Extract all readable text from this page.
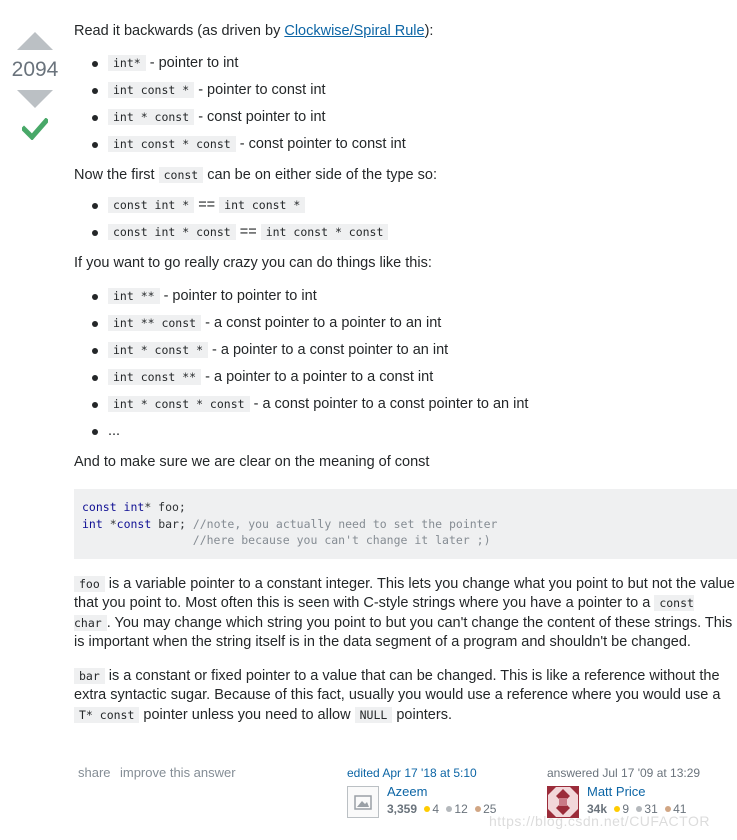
2094

Read it backwards (as driven by Clockwise/Spiral Rule):

int* - pointer to int
int const * - pointer to const int
int * const - const pointer to int
int const * const - const pointer to const int

Now the first const can be on either side of the type so:

const int * == int const *
const int * const == int const * const

If you want to go really crazy you can do things like this:

int ** - pointer to pointer to int
int ** const - a const pointer to a pointer to an int
int * const * - a pointer to a const pointer to an int
int const ** - a pointer to a pointer to a const int
int * const * const - a const pointer to a const pointer to an int
...

And to make sure we are clear on the meaning of const

const int* foo;
int *const bar; //note, you actually need to set the pointer
//here because you can't change it later ;)

foo is a variable pointer to a constant integer. This lets you change what you point to but not the value that you point to. Most often this is seen with C-style strings where you have a pointer to a const char . You may change which string you point to but you can't change the content of these strings. This is important when the string itself is in the data segment of a program and shouldn't be changed.

bar is a constant or fixed pointer to a value that can be changed. This is like a reference without the extra syntactic sugar. Because of this fact, usually you would use a reference where you would use a T* const pointer unless you need to allow NULL pointers.

share improve this answer	edited Apr 17 '18 at 5:10
Azeem
3,359 4 12 25
answered Jul 17 '09 at 13:29
Matt Price
34k 9 31 41
https://blog.csdn.net/CUFACTOR
